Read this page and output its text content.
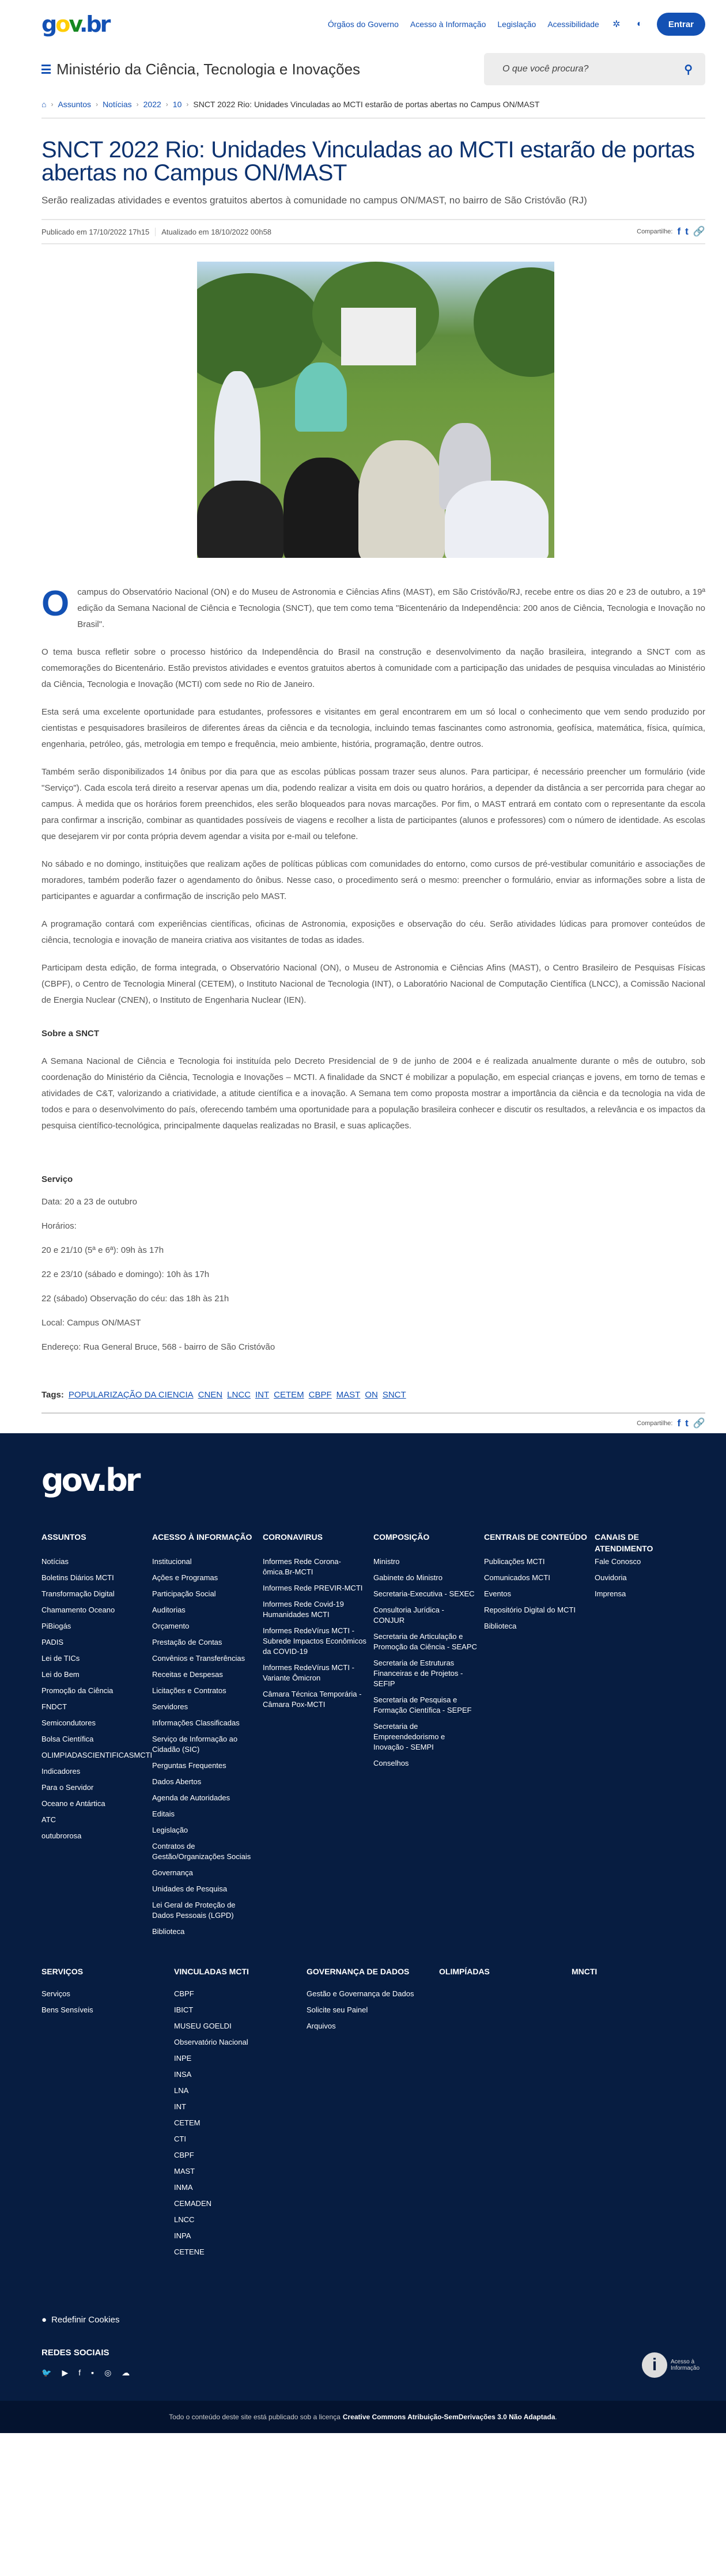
gov.br	Órgãos do Governo Acesso à Informação Legislação Acessibilidade ✲	◐	Entrar
Ministério da Ciência, Tecnologia e Inovações
O que você procura?	⚲
⌂ › Assuntos › Notícias › 2022 › 10 › SNCT 2022 Rio: Unidades Vinculadas ao MCTI estarão de portas abertas no Campus ON/MAST
SNCT 2022 Rio: Unidades Vinculadas ao MCTI estarão de portas abertas no Campus ON/MAST
Serão realizadas atividades e eventos gratuitos abertos à comunidade no campus ON/MAST, no bairro de São Cristóvão (RJ)
Publicado em 17/10/2022 17h15	Atualizado em 18/10/2022 00h58	Compartilhe: f t 🔗

Ocampus do Observatório Nacional (ON) e do Museu de Astronomia e Ciências Afins (MAST), em São Cristóvão/RJ, recebe entre os dias 20 e 23 de outubro, a 19ª edição da Semana Nacional de Ciência e Tecnologia (SNCT), que tem como tema "Bicentenário da Independência: 200 anos de Ciência, Tecnologia e Inovação no Brasil".

O tema busca refletir sobre o processo histórico da Independência do Brasil na construção e desenvolvimento da nação brasileira, integrando a SNCT com as comemorações do Bicentenário. Estão previstos atividades e eventos gratuitos abertos à comunidade com a participação das unidades de pesquisa vinculadas ao Ministério da Ciência, Tecnologia e Inovação (MCTI) com sede no Rio de Janeiro.

Esta será uma excelente oportunidade para estudantes, professores e visitantes em geral encontrarem em um só local o conhecimento que vem sendo produzido por cientistas e pesquisadores brasileiros de diferentes áreas da ciência e da tecnologia, incluindo temas fascinantes como astronomia, geofísica, matemática, física, química, engenharia, petróleo, gás, metrologia em tempo e frequência, meio ambiente, história, programação, dentre outros.

Também serão disponibilizados 14 ônibus por dia para que as escolas públicas possam trazer seus alunos. Para participar, é necessário preencher um formulário (vide "Serviço"). Cada escola terá direito a reservar apenas um dia, podendo realizar a visita em dois ou quatro horários, a depender da distância a ser percorrida para chegar ao campus. À medida que os horários forem preenchidos, eles serão bloqueados para novas marcações. Por fim, o MAST entrará em contato com o representante da escola para confirmar a inscrição, combinar as quantidades possíveis de viagens e recolher a lista de participantes (alunos e professores) com o número de identidade. As escolas que desejarem vir por conta própria devem agendar a visita por e-mail ou telefone.

No sábado e no domingo, instituições que realizam ações de políticas públicas com comunidades do entorno, como cursos de pré-vestibular comunitário e associações de moradores, também poderão fazer o agendamento do ônibus. Nesse caso, o procedimento será o mesmo: preencher o formulário, enviar as informações sobre a lista de participantes e aguardar a confirmação de inscrição pelo MAST.

A programação contará com experiências científicas, oficinas de Astronomia, exposições e observação do céu. Serão atividades lúdicas para promover conteúdos de ciência, tecnologia e inovação de maneira criativa aos visitantes de todas as idades.

Participam desta edição, de forma integrada, o Observatório Nacional (ON), o Museu de Astronomia e Ciências Afins (MAST), o Centro Brasileiro de Pesquisas Físicas (CBPF), o Centro de Tecnologia Mineral (CETEM), o Instituto Nacional de Tecnologia (INT), o Laboratório Nacional de Computação Científica (LNCC), a Comissão Nacional de Energia Nuclear (CNEN), o Instituto de Engenharia Nuclear (IEN).

Sobre a SNCT

A Semana Nacional de Ciência e Tecnologia foi instituída pelo Decreto Presidencial de 9 de junho de 2004 e é realizada anualmente durante o mês de outubro, sob coordenação do Ministério da Ciência, Tecnologia e Inovações – MCTI. A finalidade da SNCT é mobilizar a população, em especial crianças e jovens, em torno de temas e atividades de C&T, valorizando a criatividade, a atitude científica e a inovação. A Semana tem como proposta mostrar a importância da ciência e da tecnologia na vida de todos e para o desenvolvimento do país, oferecendo também uma oportunidade para a população brasileira conhecer e discutir os resultados, a relevância e os impactos da pesquisa científico-tecnológica, principalmente daquelas realizadas no Brasil, e suas aplicações.

Serviço

Data: 20 a 23 de outubro

Horários:

20 e 21/10 (5ª e 6ª): 09h às 17h

22 e 23/10 (sábado e domingo): 10h às 17h

22 (sábado) Observação do céu: das 18h às 21h

Local: Campus ON/MAST

Endereço: Rua General Bruce, 568 - bairro de São Cristóvão

Tags: POPULARIZAÇÃO DA CIENCIA CNEN LNCC INT CETEM CBPF MAST ON SNCT
Compartilhe: f t 🔗
gov.br
ASSUNTOS
Notícias
Boletins Diários MCTI
Transformação Digital
Chamamento Oceano
PiBiogás
PADIS
Lei de TICs
Lei do Bem
Promoção da Ciência
FNDCT
Semicondutores
Bolsa Científica
OLIMPIADASCIENTIFICASMCTI
Indicadores
Para o Servidor
Oceano e Antártica
ATC
outubrorosa
ACESSO À INFORMAÇÃO
Institucional
Ações e Programas
Participação Social
Auditorias
Orçamento
Prestação de Contas
Convênios e Transferências
Receitas e Despesas
Licitações e Contratos
Servidores
Informações Classificadas
Serviço de Informação ao Cidadão (SIC)
Perguntas Frequentes
Dados Abertos
Agenda de Autoridades
Editais
Legislação
Contratos de Gestão/Organizações Sociais
Governança
Unidades de Pesquisa
Lei Geral de Proteção de Dados Pessoais (LGPD)
Biblioteca
CORONAVIRUS
Informes Rede Corona-ômica.Br-MCTI
Informes Rede PREVIR-MCTI
Informes Rede Covid-19 Humanidades MCTI
Informes RedeVírus MCTI - Subrede Impactos Econômicos da COVID-19
Informes RedeVírus MCTI - Variante Ômicron
Câmara Técnica Temporária - Câmara Pox-MCTI
COMPOSIÇÃO
Ministro
Gabinete do Ministro
Secretaria-Executiva - SEXEC
Consultoria Jurídica - CONJUR
Secretaria de Articulação e Promoção da Ciência - SEAPC
Secretaria de Estruturas Financeiras e de Projetos - SEFIP
Secretaria de Pesquisa e Formação Científica - SEPEF
Secretaria de Empreendedorismo e Inovação - SEMPI
Conselhos
CENTRAIS DE CONTEÚDO
Publicações MCTI
Comunicados MCTI
Eventos
Repositório Digital do MCTI
Biblioteca
CANAIS DE ATENDIMENTO
Fale Conosco
Ouvidoria
Imprensa
SERVIÇOS
Serviços
Bens Sensíveis
VINCULADAS MCTI
CBPF
IBICT
MUSEU GOELDI
Observatório Nacional
INPE
INSA
LNA
INT
CETEM
CTI
CBPF
MAST
INMA
CEMADEN
LNCC
INPA
CETENE
GOVERNANÇA DE DADOS
Gestão e Governança de Dados
Solicite seu Painel
Arquivos
OLIMPÍADAS	MNCTI
● Redefinir Cookies
REDES SOCIAIS
🐦 ▶ f ▪ ◎ ☁	i	Acesso à Informação
Todo o conteúdo deste site está publicado sob a licença Creative Commons Atribuição-SemDerivações 3.0 Não Adaptada .
